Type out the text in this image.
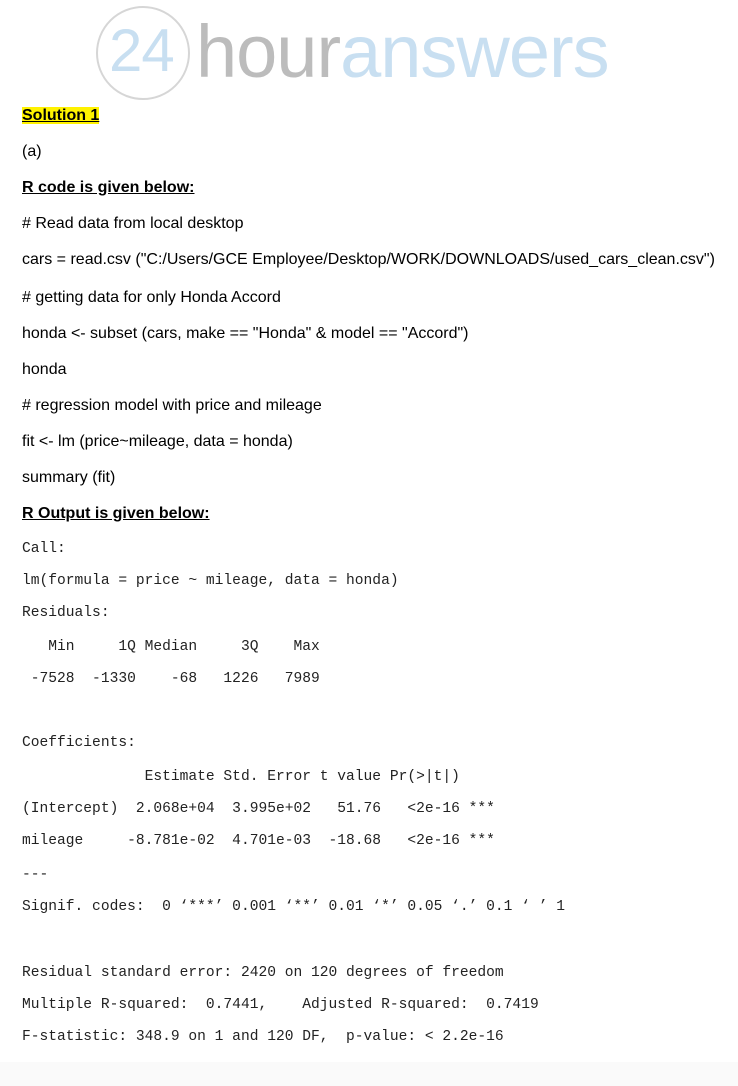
24 houranswers
Solution 1
(a)
R code is given below:
# Read data from local desktop
cars = read.csv ("C:/Users/GCE Employee/Desktop/WORK/DOWNLOADS/used_cars_clean.csv")
# getting data for only Honda Accord
honda <- subset (cars, make == "Honda" & model == "Accord")
honda
# regression model with price and mileage
fit <- lm (price~mileage, data = honda)
summary (fit)
R Output is given below:
Call:
lm(formula = price ~ mileage, data = honda)
Residuals:
Min     1Q Median     3Q    Max
-7528  -1330    -68   1226   7989
Coefficients:
Estimate Std. Error t value Pr(>|t|)
(Intercept)  2.068e+04  3.995e+02   51.76   <2e-16 ***
mileage     -8.781e-02  4.701e-03  -18.68   <2e-16 ***
---
Signif. codes:  0 ‘***’ 0.001 ‘**’ 0.01 ‘*’ 0.05 ‘.’ 0.1 ‘ ’ 1
Residual standard error: 2420 on 120 degrees of freedom
Multiple R-squared:  0.7441,    Adjusted R-squared:  0.7419
F-statistic: 348.9 on 1 and 120 DF,  p-value: < 2.2e-16
